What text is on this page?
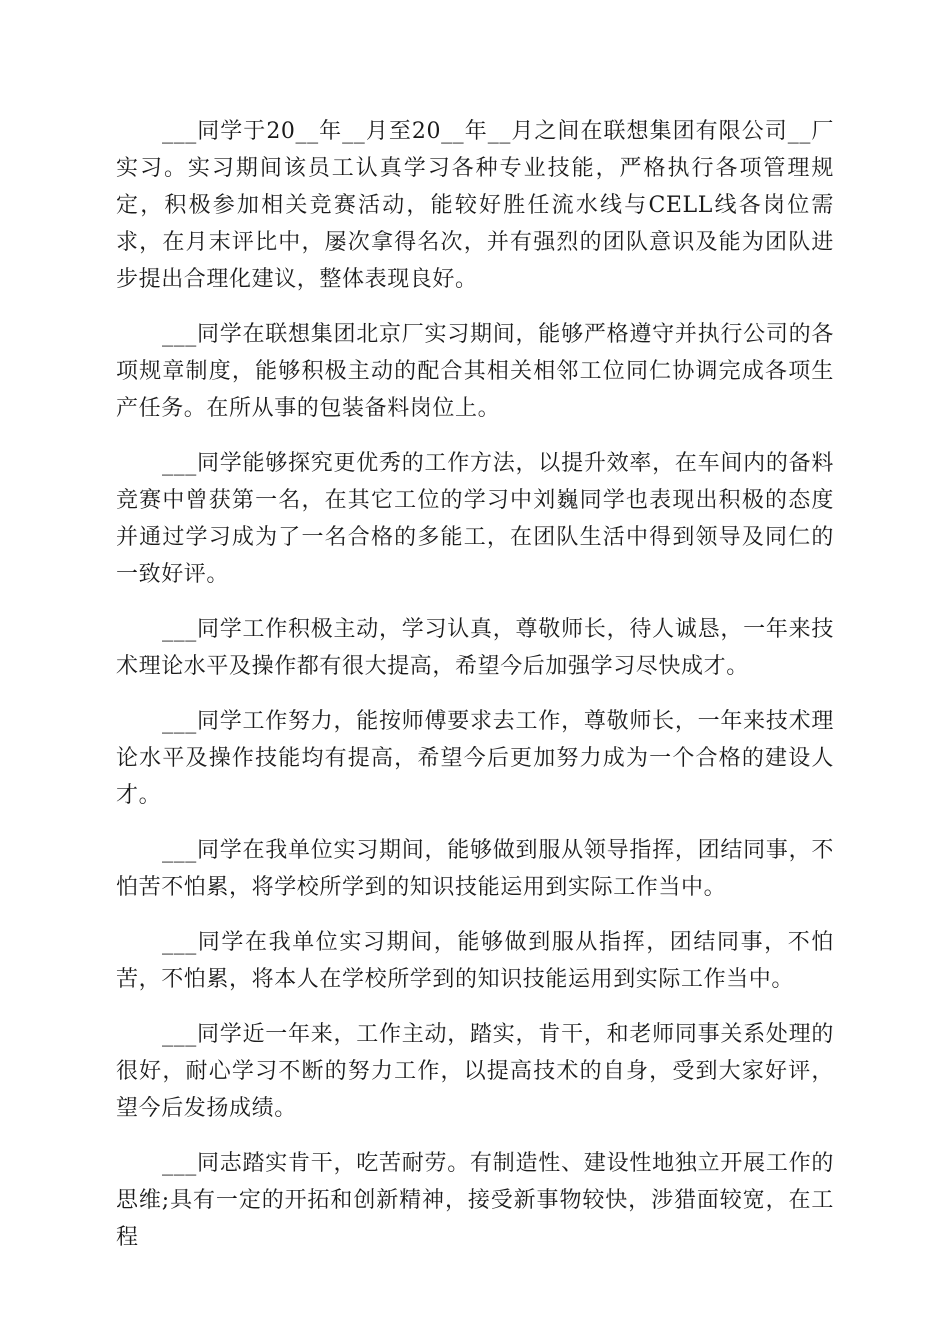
___同学于20__年__月至20__年__月之间在联想集团有限公司__厂实习。实习期间该员工认真学习各种专业技能，严格执行各项管理规定，积极参加相关竞赛活动，能较好胜任流水线与CELL线各岗位需求，在月末评比中，屡次拿得名次，并有强烈的团队意识及能为团队进步提出合理化建议，整体表现良好。

___同学在联想集团北京厂实习期间，能够严格遵守并执行公司的各项规章制度，能够积极主动的配合其相关相邻工位同仁协调完成各项生产任务。在所从事的包装备料岗位上。

___同学能够探究更优秀的工作方法，以提升效率，在车间内的备料竞赛中曾获第一名，在其它工位的学习中刘巍同学也表现出积极的态度并通过学习成为了一名合格的多能工，在团队生活中得到领导及同仁的一致好评。

___同学工作积极主动，学习认真，尊敬师长，待人诚恳，一年来技术理论水平及操作都有很大提高，希望今后加强学习尽快成才。

___同学工作努力，能按师傅要求去工作，尊敬师长，一年来技术理论水平及操作技能均有提高，希望今后更加努力成为一个合格的建设人才。

___同学在我单位实习期间，能够做到服从领导指挥，团结同事，不怕苦不怕累，将学校所学到的知识技能运用到实际工作当中。

___同学在我单位实习期间，能够做到服从指挥，团结同事，不怕苦，不怕累，将本人在学校所学到的知识技能运用到实际工作当中。

___同学近一年来，工作主动，踏实，肯干，和老师同事关系处理的很好，耐心学习不断的努力工作，以提高技术的自身，受到大家好评，望今后发扬成绩。

___同志踏实肯干，吃苦耐劳。有制造性、建设性地独立开展工作的思维;具有一定的开拓和创新精神，接受新事物较快，涉猎面较宽，在工程
